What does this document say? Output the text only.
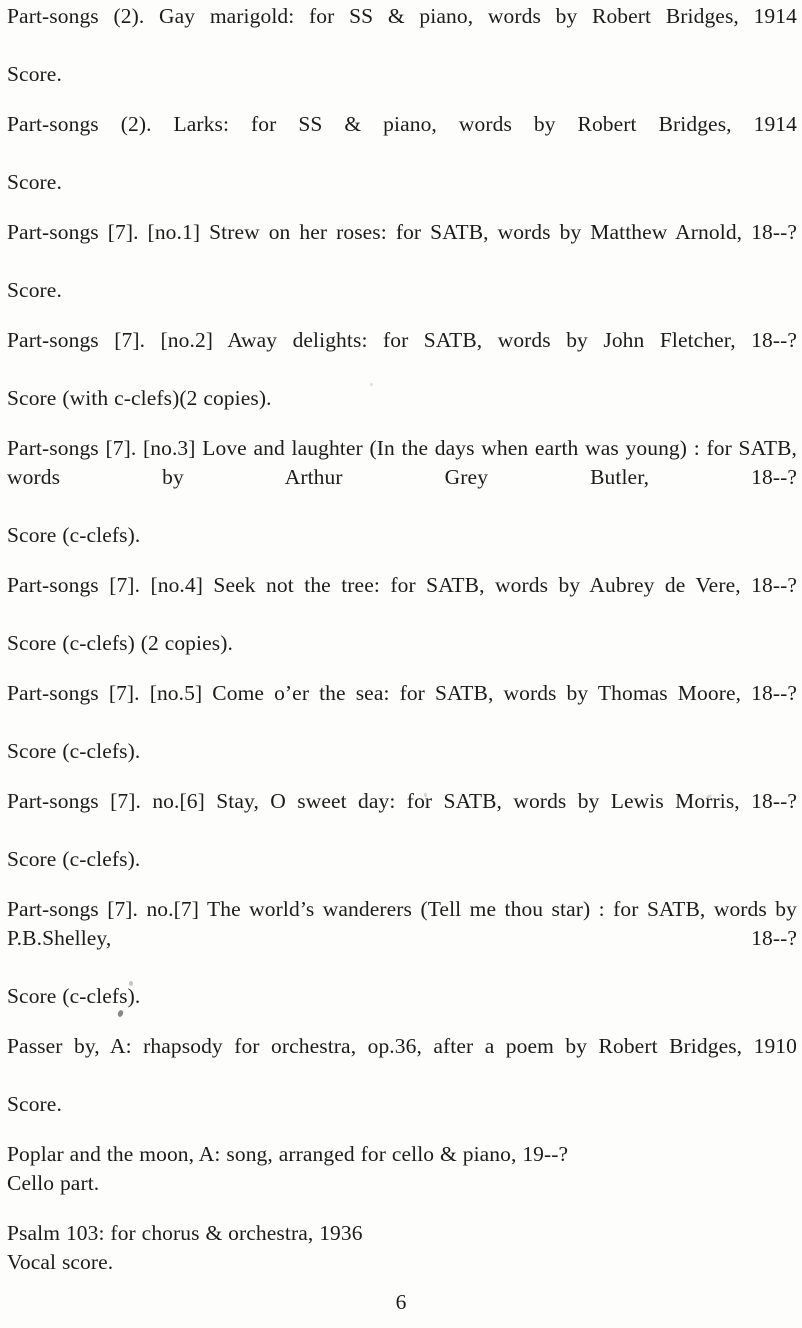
Part-songs (2). Gay marigold: for SS & piano, words by Robert Bridges, 1914

Score.

Part-songs (2). Larks: for SS & piano, words by Robert Bridges, 1914

Score.

Part-songs [7]. [no.1] Strew on her roses: for SATB, words by Matthew Arnold, 18--?

Score.

Part-songs [7]. [no.2] Away delights: for SATB, words by John Fletcher, 18--?

Score (with c-clefs)(2 copies).

Part-songs [7]. [no.3] Love and laughter (In the days when earth was young) : for SATB, words by Arthur Grey Butler, 18--?

Score (c-clefs).

Part-songs [7]. [no.4] Seek not the tree: for SATB, words by Aubrey de Vere, 18--?

Score (c-clefs) (2 copies).

Part-songs [7]. [no.5] Come o’er the sea: for SATB, words by Thomas Moore, 18--?

Score (c-clefs).

Part-songs [7]. no.[6] Stay, O sweet day: for SATB, words by Lewis Morris, 18--?

Score (c-clefs).

Part-songs [7]. no.[7] The world’s wanderers (Tell me thou star) : for SATB, words by P.B.Shelley, 18--?

Score (c-clefs).

Passer by, A: rhapsody for orchestra, op.36, after a poem by Robert Bridges, 1910

Score.

Poplar and the moon, A: song, arranged for cello & piano, 19--?

Cello part.

Psalm 103: for chorus & orchestra, 1936

Vocal score.

6
